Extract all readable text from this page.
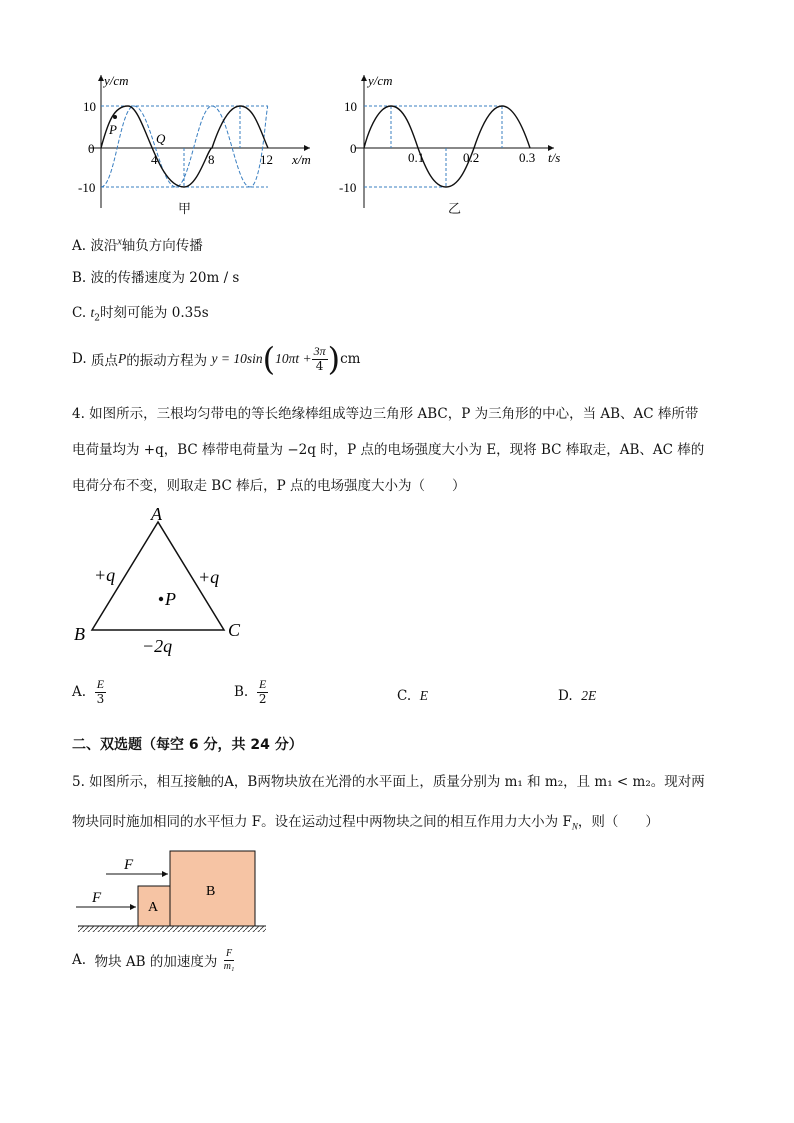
P
Q
y/cm
x/m
10
0
-10
4	8	12
甲
y/cm
t/s
10
0
-10
0.1	0.2	0.3
乙
A. 波沿$^x$轴负方向传播
B. 波的传播速度为 20m / s
C. $t_2$时刻可能为 0.35s
D.
质点 P 的振动方程为
y = 10sin ( $10\pi t + \frac{3\pi}{4}$ ) cm
4. 如图所示，三根均匀带电的等长绝缘棒组成等边三角形 ABC，P 为三角形的中心，当 AB、AC 棒所带
电荷量均为 +q，BC 棒带电荷量为 −2q 时，P 点的电场强度大小为 E，现将 BC 棒取走，AB、AC 棒的
电荷分布不变，则取走 BC 棒后，P 点的电场强度大小为（　　）
A
B	C
P
+q	+q
−2q
A.
$\frac{E}{3}$	B.
$\frac{E}{2}$	C. E	D. 2E
二、双选题（每空 6 分，共 24 分）
5. 如图所示，相互接触的A，B两物块放在光滑的水平面上，质量分别为 m₁ 和 m₂，且 m₁ < m₂。现对两
物块同时施加相同的水平恒力 F。设在运动过程中两物块之间的相互作用力大小为 $F_N$，则（　　）
F
F
A
B
A.
物块 AB 的加速度为
$\frac{F}{\text{m₁}}$
